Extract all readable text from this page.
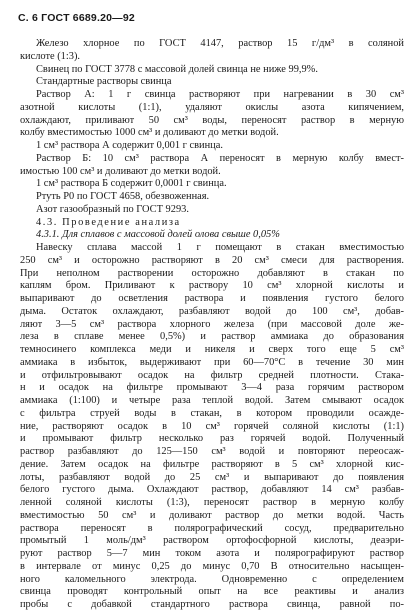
С. 6 ГОСТ 6689.20—92
Железо хлорное по ГОСТ 4147, раствор 15 г/дм³ в соляной
кислоте (1:3).
Свинец по ГОСТ 3778 с массовой долей свинца не ниже 99,9%.
Стандартные растворы свинца
Раствор А: 1 г свинца растворяют при нагревании в 30 см³
азотной кислоты (1:1), удаляют окислы азота кипячением,
охлаждают, приливают 50 см³ воды, переносят раствор в мерную
колбу вместимостью 1000 см³ и доливают до метки водой.
1 см³ раствора А содержит 0,001 г свинца.
Раствор Б: 10 см³ раствора А переносят в мерную колбу вмест-
имостью 100 см³ и доливают до метки водой.
1 см³ раствора Б содержит 0,0001 г свинца.
Ртуть Р0 по ГОСТ 4658, обезвоженная.
Азот газообразный по ГОСТ 9293.
4.3. Проведение анализа
4.3.1. Для сплавов с массовой долей олова свыше 0,05%
Навеску сплава массой 1 г помещают в стакан вместимостью
250 см³ и осторожно растворяют в 20 см³ смеси для растворения.
При неполном растворении осторожно добавляют в стакан по
каплям бром. Приливают к раствору 10 см³ хлорной кислоты и
выпаривают до осветления раствора и появления густого белого
дыма. Остаток охлаждают, разбавляют водой до 100 см³, добав-
ляют 3—5 см³ раствора хлорного железа (при массовой доле же-
леза в сплаве менее 0,5%) и раствор аммиака до образования
темносинего комплекса меди и никеля и сверх того еще 5 см³
аммиака в избыток, выдерживают при 60—70°С в течение 30 мин
и отфильтровывают осадок на фильтр средней плотности. Стака-
н и осадок на фильтре промывают 3—4 раза горячим раствором
аммиака (1:100) и четыре раза теплой водой. Затем смывают осадок
с фильтра струей воды в стакан, в котором проводили осажде-
ние, растворяют осадок в 10 см³ горячей соляной кислоты (1:1)
и промывают фильтр несколько раз горячей водой. Полученный
раствор разбавляют до 125—150 см³ водой и повторяют переосаж-
дение. Затем осадок на фильтре растворяют в 5 см³ хлорной кис-
лоты, разбавляют водой до 25 см³ и выпаривают до появления
белого густого дыма. Охлаждают раствор, добавляют 14 см³ разбав-
ленной соляной кислоты (1:3), переносят раствор в мерную колбу
вместимостью 50 см³ и доливают раствор до метки водой. Часть
раствора переносят в полярографический сосуд, предварительно
промытый 1 моль/дм³ раствором ортофосфорной кислоты, деаэри-
руют раствор 5—7 мин током азота и полярографируют раствор
в интервале от минус 0,25 до минус 0,70 В относительно насыщен-
ного каломельного электрода. Одновременно с определением
свинца проводят контрольный опыт на все реактивы и анализ
пробы с добавкой стандартного раствора свинца, равной по-
